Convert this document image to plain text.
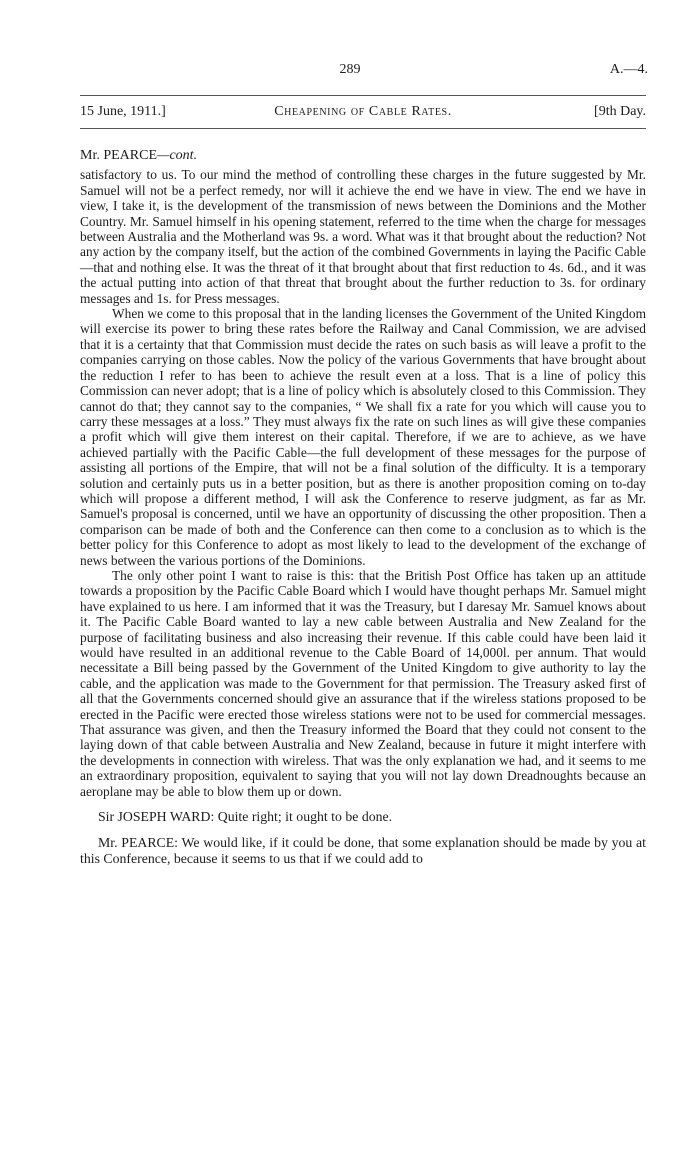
289	A.—4.
15 June, 1911.]	Cheapening of Cable Rates.	[9th Day.

Mr. PEARCE—cont.

satisfactory to us. To our mind the method of controlling these charges in the future suggested by Mr. Samuel will not be a perfect remedy, nor will it achieve the end we have in view. The end we have in view, I take it, is the development of the transmission of news between the Dominions and the Mother Country. Mr. Samuel himself in his opening statement, referred to the time when the charge for messages between Australia and the Motherland was 9s. a word. What was it that brought about the reduction? Not any action by the company itself, but the action of the combined Governments in laying the Pacific Cable—that and nothing else. It was the threat of it that brought about that first reduction to 4s. 6d., and it was the actual putting into action of that threat that brought about the further reduction to 3s. for ordinary messages and 1s. for Press messages.

When we come to this proposal that in the landing licenses the Government of the United Kingdom will exercise its power to bring these rates before the Railway and Canal Commission, we are advised that it is a certainty that that Commission must decide the rates on such basis as will leave a profit to the companies carrying on those cables. Now the policy of the various Governments that have brought about the reduction I refer to has been to achieve the result even at a loss. That is a line of policy this Commission can never adopt; that is a line of policy which is absolutely closed to this Commission. They cannot do that; they cannot say to the companies, “ We shall fix a rate for you which will cause you to carry these messages at a loss.” They must always fix the rate on such lines as will give these companies a profit which will give them interest on their capital. Therefore, if we are to achieve, as we have achieved partially with the Pacific Cable—the full development of these messages for the purpose of assisting all portions of the Empire, that will not be a final solution of the difficulty. It is a temporary solution and certainly puts us in a better position, but as there is another proposition coming on to-day which will propose a different method, I will ask the Conference to reserve judgment, as far as Mr. Samuel's proposal is concerned, until we have an opportunity of discussing the other proposition. Then a comparison can be made of both and the Conference can then come to a conclusion as to which is the better policy for this Conference to adopt as most likely to lead to the development of the exchange of news between the various portions of the Dominions.

The only other point I want to raise is this: that the British Post Office has taken up an attitude towards a proposition by the Pacific Cable Board which I would have thought perhaps Mr. Samuel might have explained to us here. I am informed that it was the Treasury, but I daresay Mr. Samuel knows about it. The Pacific Cable Board wanted to lay a new cable between Australia and New Zealand for the purpose of facilitating business and also increasing their revenue. If this cable could have been laid it would have resulted in an additional revenue to the Cable Board of 14,000l. per annum. That would necessitate a Bill being passed by the Government of the United Kingdom to give authority to lay the cable, and the application was made to the Government for that permission. The Treasury asked first of all that the Governments concerned should give an assurance that if the wireless stations proposed to be erected in the Pacific were erected those wireless stations were not to be used for commercial messages. That assurance was given, and then the Treasury informed the Board that they could not consent to the laying down of that cable between Australia and New Zealand, because in future it might interfere with the developments in connection with wireless. That was the only explanation we had, and it seems to me an extraordinary proposition, equivalent to saying that you will not lay down Dreadnoughts because an aeroplane may be able to blow them up or down.

Sir JOSEPH WARD: Quite right; it ought to be done.

Mr. PEARCE: We would like, if it could be done, that some explanation should be made by you at this Conference, because it seems to us that if we could add to
